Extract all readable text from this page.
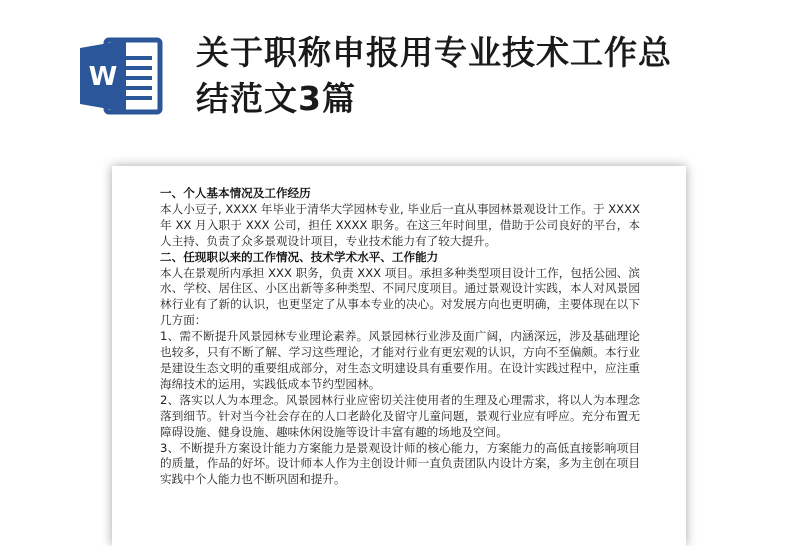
W
关于职称申报用专业技术工作总
结范文3篇

一、个人基本情况及工作经历

本人小豆子, XXXX 年毕业于清华大学园林专业, 毕业后一直从事园林景观设计工作。于 XXXX 年 XX 月入职于 XXX 公司，担任 XXXX 职务。在这三年时间里，借助于公司良好的平台，本人主持、负责了众多景观设计项目，专业技术能力有了较大提升。

二、任现职以来的工作情况、技术学术水平、工作能力

本人在景观所内承担 XXX 职务，负责 XXX 项目。承担多种类型项目设计工作，包括公园、滨水、学校、居住区、小区出新等多种类型、不同尺度项目。通过景观设计实践，本人对风景园林行业有了新的认识，也更坚定了从事本专业的决心。对发展方向也更明确，主要体现在以下几方面：

1、需不断提升风景园林专业理论素养。风景园林行业涉及面广阔，内涵深远，涉及基础理论也较多，只有不断了解、学习这些理论，才能对行业有更宏观的认识，方向不至偏颇。本行业是建设生态文明的重要组成部分，对生态文明建设具有重要作用。在设计实践过程中，应注重海绵技术的运用，实践低成本节约型园林。

2、落实以人为本理念。风景园林行业应密切关注使用者的生理及心理需求，将以人为本理念落到细节。针对当今社会存在的人口老龄化及留守儿童问题，景观行业应有呼应。充分布置无障碍设施、健身设施、趣味休闲设施等设计丰富有趣的场地及空间。

3、不断提升方案设计能力方案能力是景观设计师的核心能力，方案能力的高低直接影响项目的质量，作品的好坏。设计师本人作为主创设计师一直负责团队内设计方案，多为主创在项目实践中个人能力也不断巩固和提升。
